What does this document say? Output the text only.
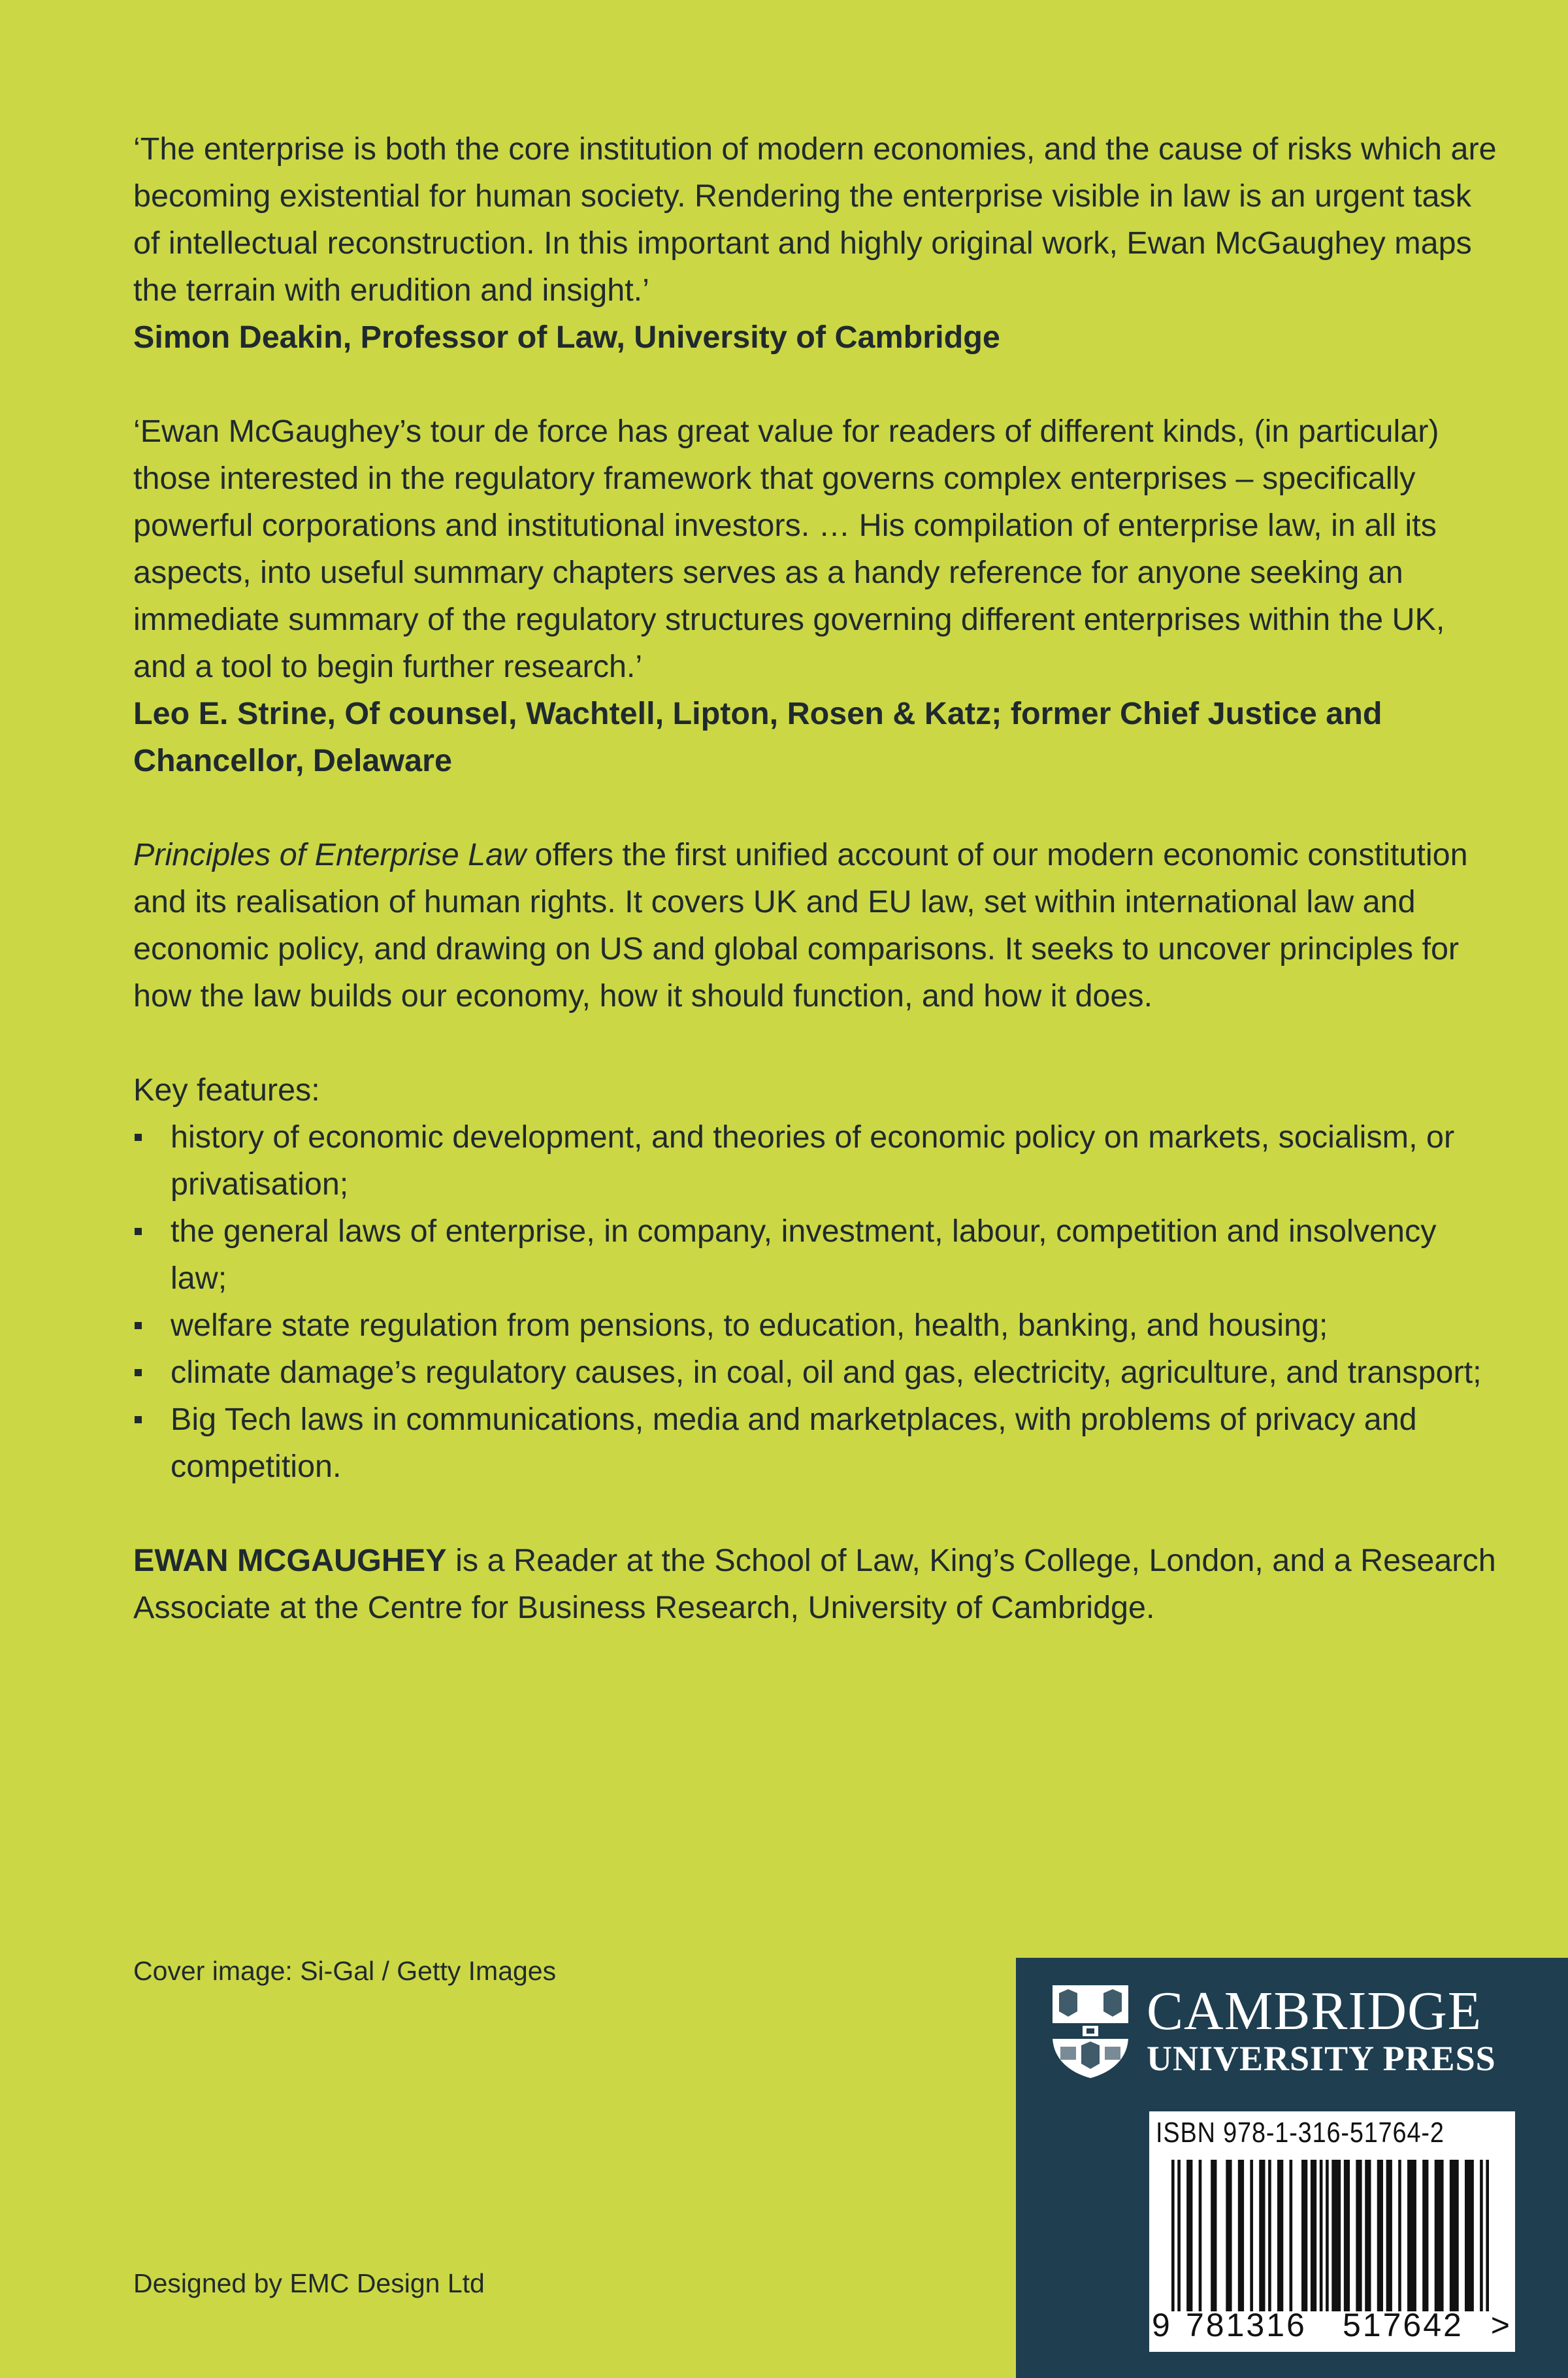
‘The enterprise is both the core institution of modern economies, and the cause of risks which are becoming existential for human society. Rendering the enterprise visible in law is an urgent task of intellectual reconstruction. In this important and highly original work, Ewan McGaughey maps the terrain with erudition and insight.’

Simon Deakin, Professor of Law, University of Cambridge

‘Ewan McGaughey’s tour de force has great value for readers of different kinds, (in particular) those interested in the regulatory framework that governs complex enterprises – specifically powerful corporations and institutional investors. … His compilation of enterprise law, in all its aspects, into useful summary chapters serves as a handy reference for anyone seeking an immediate summary of the regulatory structures governing different enterprises within the UK, and a tool to begin further research.’

Leo E. Strine, Of counsel, Wachtell, Lipton, Rosen & Katz; former Chief Justice and Chancellor, Delaware

Principles of Enterprise Law offers the first unified account of our modern economic constitution and its realisation of human rights. It covers UK and EU law, set within international law and economic policy, and drawing on US and global comparisons. It seeks to uncover principles for how the law builds our economy, how it should function, and how it does.

Key features:

history of economic development, and theories of economic policy on markets, socialism, or privatisation;
the general laws of enterprise, in company, investment, labour, competition and insolvency law;
welfare state regulation from pensions, to education, health, banking, and housing;
climate damage’s regulatory causes, in coal, oil and gas, electricity, agriculture, and transport;
Big Tech laws in communications, media and marketplaces, with problems of privacy and competition.

EWAN MCGAUGHEY is a Reader at the School of Law, King’s College, London, and a Research Associate at the Centre for Business Research, University of Cambridge.

Cover image: Si-Gal / Getty Images
Designed by EMC Design Ltd
CAMBRIDGE
UNIVERSITY PRESS
ISBN 978-1-316-51764-2
9 781316 517642 >
